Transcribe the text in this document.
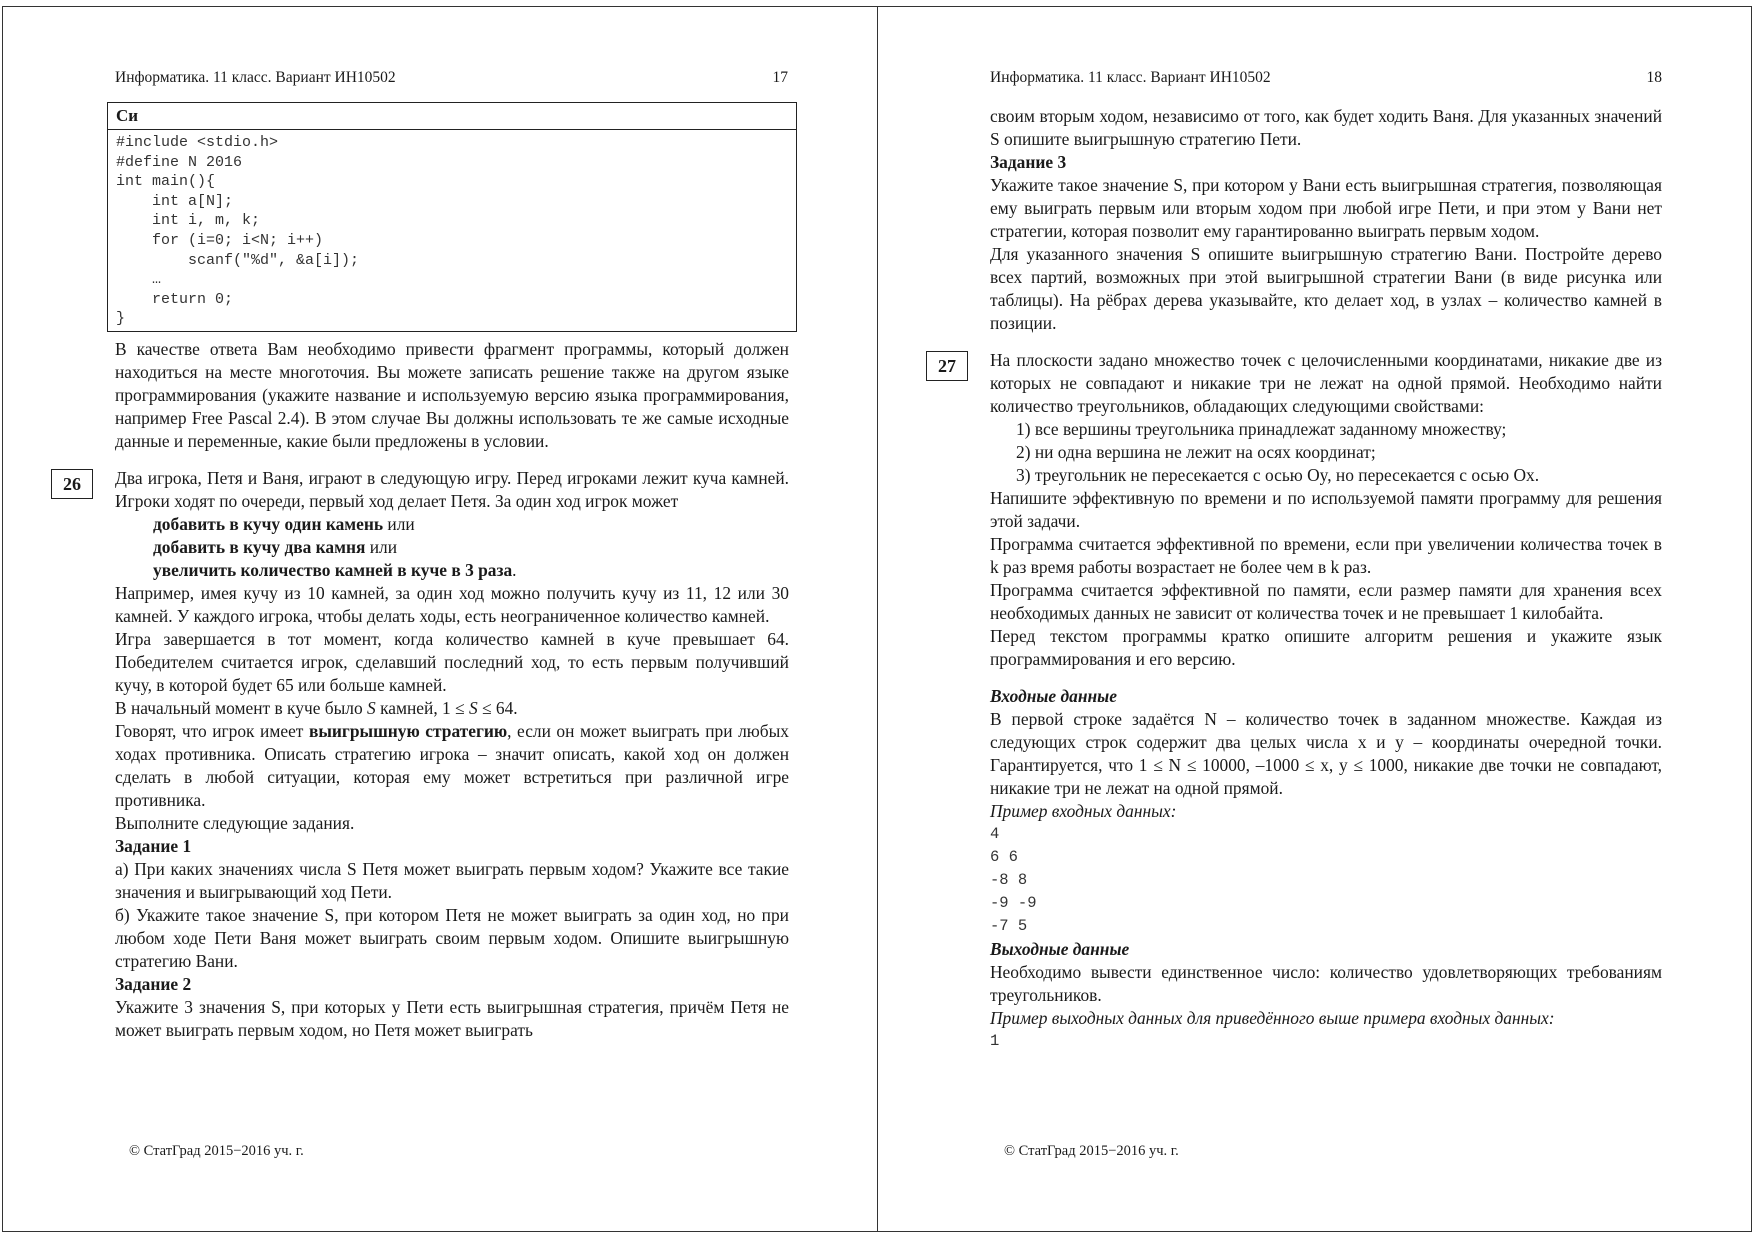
Информатика. 11 класс. Вариант ИН10502	17
Си
#include <stdio.h>
#define N 2016
int main(){
int a[N];
int i, m, k;
for (i=0; i<N; i++)
scanf("%d", &a[i]);
…
return 0;
}

В качестве ответа Вам необходимо привести фрагмент программы, который должен находиться на месте многоточия. Вы можете записать решение также на другом языке программирования (укажите название и используемую версию языка программирования, например Free Pascal 2.4). В этом случае Вы должны использовать те же самые исходные данные и переменные, какие были предложены в условии.

26	Два игрока, Петя и Ваня, играют в следующую игру. Перед игроками лежит куча камней. Игроки ходят по очереди, первый ход делает Петя. За один ход игрок может

добавить в кучу один камень или
добавить в кучу два камня или
увеличить количество камней в куче в 3 раза.

Например, имея кучу из 10 камней, за один ход можно получить кучу из 11, 12 или 30 камней. У каждого игрока, чтобы делать ходы, есть неограниченное количество камней.

Игра завершается в тот момент, когда количество камней в куче превышает 64. Победителем считается игрок, сделавший последний ход, то есть первым получивший кучу, в которой будет 65 или больше камней.

В начальный момент в куче было S камней, 1 ≤ S ≤ 64.

Говорят, что игрок имеет выигрышную стратегию, если он может выиграть при любых ходах противника. Описать стратегию игрока – значит описать, какой ход он должен сделать в любой ситуации, которая ему может встретиться при различной игре противника.

Выполните следующие задания.

Задание 1

а) При каких значениях числа S Петя может выиграть первым ходом? Укажите все такие значения и выигрывающий ход Пети.

б) Укажите такое значение S, при котором Петя не может выиграть за один ход, но при любом ходе Пети Ваня может выиграть своим первым ходом. Опишите выигрышную стратегию Вани.

Задание 2

Укажите 3 значения S, при которых у Пети есть выигрышная стратегия, причём Петя не может выиграть первым ходом, но Петя может выиграть

© СтатГрад 2015−2016 уч. г.
Информатика. 11 класс. Вариант ИН10502	18

своим вторым ходом, независимо от того, как будет ходить Ваня. Для указанных значений S опишите выигрышную стратегию Пети.

Задание 3

Укажите такое значение S, при котором у Вани есть выигрышная стратегия, позволяющая ему выиграть первым или вторым ходом при любой игре Пети, и при этом у Вани нет стратегии, которая позволит ему гарантированно выиграть первым ходом.

Для указанного значения S опишите выигрышную стратегию Вани. Постройте дерево всех партий, возможных при этой выигрышной стратегии Вани (в виде рисунка или таблицы). На рёбрах дерева указывайте, кто делает ход, в узлах – количество камней в позиции.

27	На плоскости задано множество точек с целочисленными координатами, никакие две из которых не совпадают и никакие три не лежат на одной прямой. Необходимо найти количество треугольников, обладающих следующими свойствами:

1) все вершины треугольника принадлежат заданному множеству;
2) ни одна вершина не лежит на осях координат;
3) треугольник не пересекается с осью Oy, но пересекается с осью Ox.

Напишите эффективную по времени и по используемой памяти программу для решения этой задачи.

Программа считается эффективной по времени, если при увеличении количества точек в k раз время работы возрастает не более чем в k раз.

Программа считается эффективной по памяти, если размер памяти для хранения всех необходимых данных не зависит от количества точек и не превышает 1 килобайта.

Перед текстом программы кратко опишите алгоритм решения и укажите язык программирования и его версию.

Входные данные

В первой строке задаётся N – количество точек в заданном множестве. Каждая из следующих строк содержит два целых числа x и y – координаты очередной точки. Гарантируется, что 1 ≤ N ≤ 10000, –1000 ≤ x, y ≤ 1000, никакие две точки не совпадают, никакие три не лежат на одной прямой.

Пример входных данных:
4
6 6
-8 8
-9 -9
-7 5
Выходные данные

Необходимо вывести единственное число: количество удовлетворяющих требованиям треугольников.

Пример выходных данных для приведённого выше примера входных данных:
1
© СтатГрад 2015−2016 уч. г.
